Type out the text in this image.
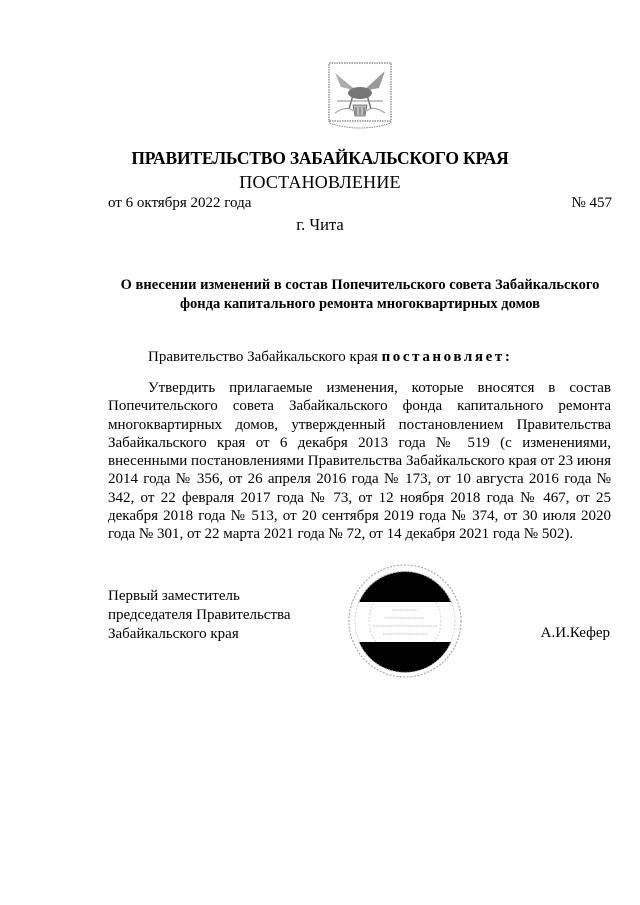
ПРАВИТЕЛЬСТВО ЗАБАЙКАЛЬСКОГО КРАЯ
ПОСТАНОВЛЕНИЕ
от 6 октября 2022 года	№ 457
г. Чита
О внесении изменений в состав Попечительского совета Забайкальского фонда капитального ремонта многоквартирных домов
Правительство Забайкальского края постановляет:
Утвердить прилагаемые изменения, которые вносятся в состав Попечительского совета Забайкальского фонда капитального ремонта многоквартирных домов, утвержденный постановлением Правительства Забайкальского края от 6 декабря 2013 года № 519 (с изменениями, внесенными постановлениями Правительства Забайкальского края от 23 июня 2014 года № 356, от 26 апреля 2016 года № 173, от 10 августа 2016 года № 342, от 22 февраля 2017 года № 73, от 12 ноября 2018 года № 467, от 25 декабря 2018 года № 513, от 20 сентября 2019 года № 374, от 30 июля 2020 года № 301, от 22 марта 2021 года № 72, от 14 декабря 2021 года № 502).
Первый заместитель
председателя Правительства
Забайкальского края	А.И.Кефер
